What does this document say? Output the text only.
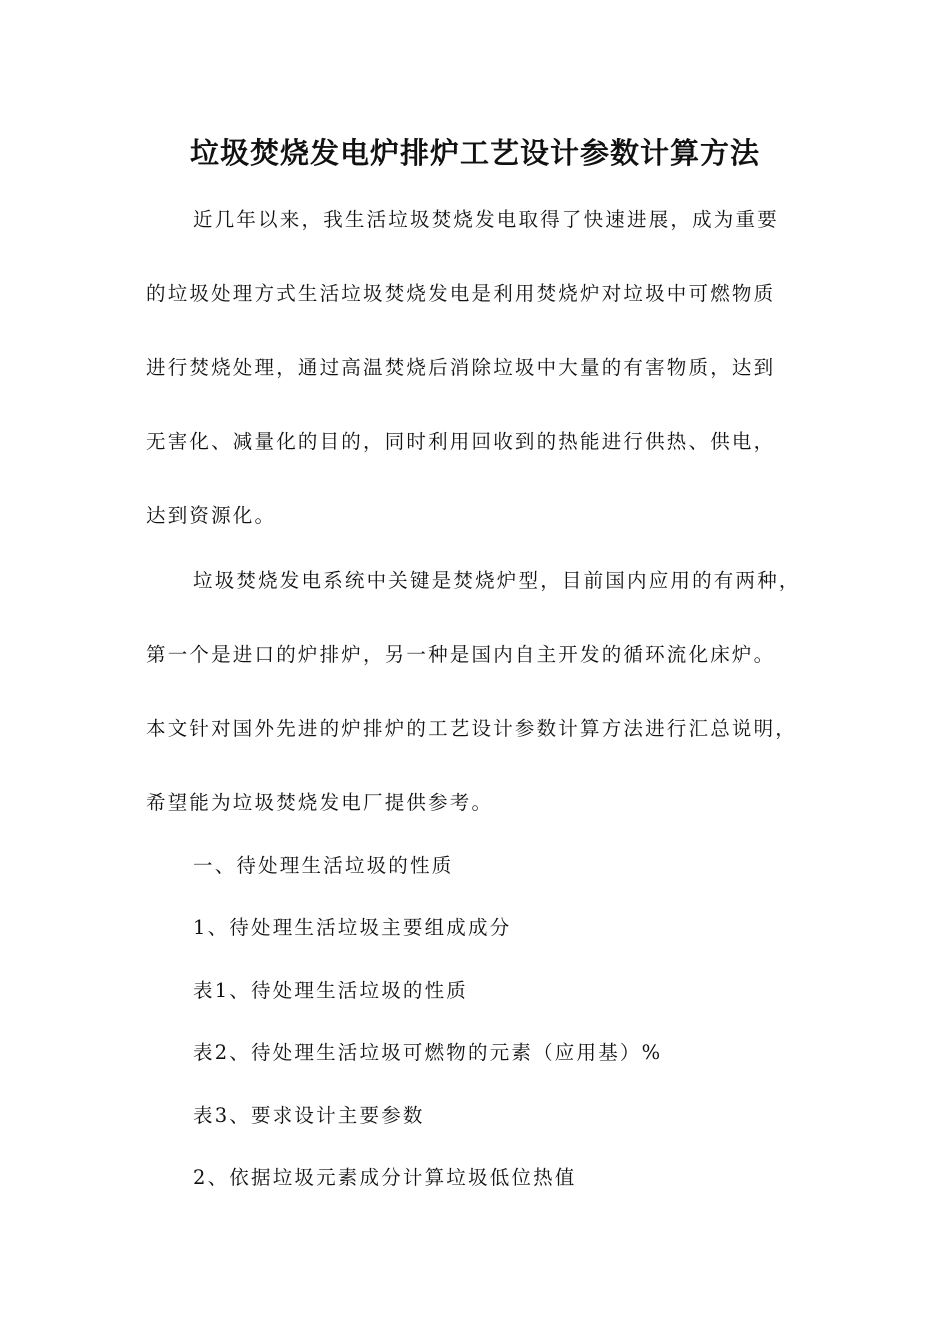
垃圾焚烧发电炉排炉工艺设计参数计算方法
近几年以来，我生活垃圾焚烧发电取得了快速进展，成为重要
的垃圾处理方式生活垃圾焚烧发电是利用焚烧炉对垃圾中可燃物质
进行焚烧处理，通过高温焚烧后消除垃圾中大量的有害物质，达到
无害化、减量化的目的，同时利用回收到的热能进行供热、供电，
达到资源化。
垃圾焚烧发电系统中关键是焚烧炉型，目前国内应用的有两种，
第一个是进口的炉排炉，另一种是国内自主开发的循环流化床炉。
本文针对国外先进的炉排炉的工艺设计参数计算方法进行汇总说明，
希望能为垃圾焚烧发电厂提供参考。
一、待处理生活垃圾的性质
1、待处理生活垃圾主要组成成分
表1、待处理生活垃圾的性质
表2、待处理生活垃圾可燃物的元素（应用基）%
表3、要求设计主要参数
2、依据垃圾元素成分计算垃圾低位热值
